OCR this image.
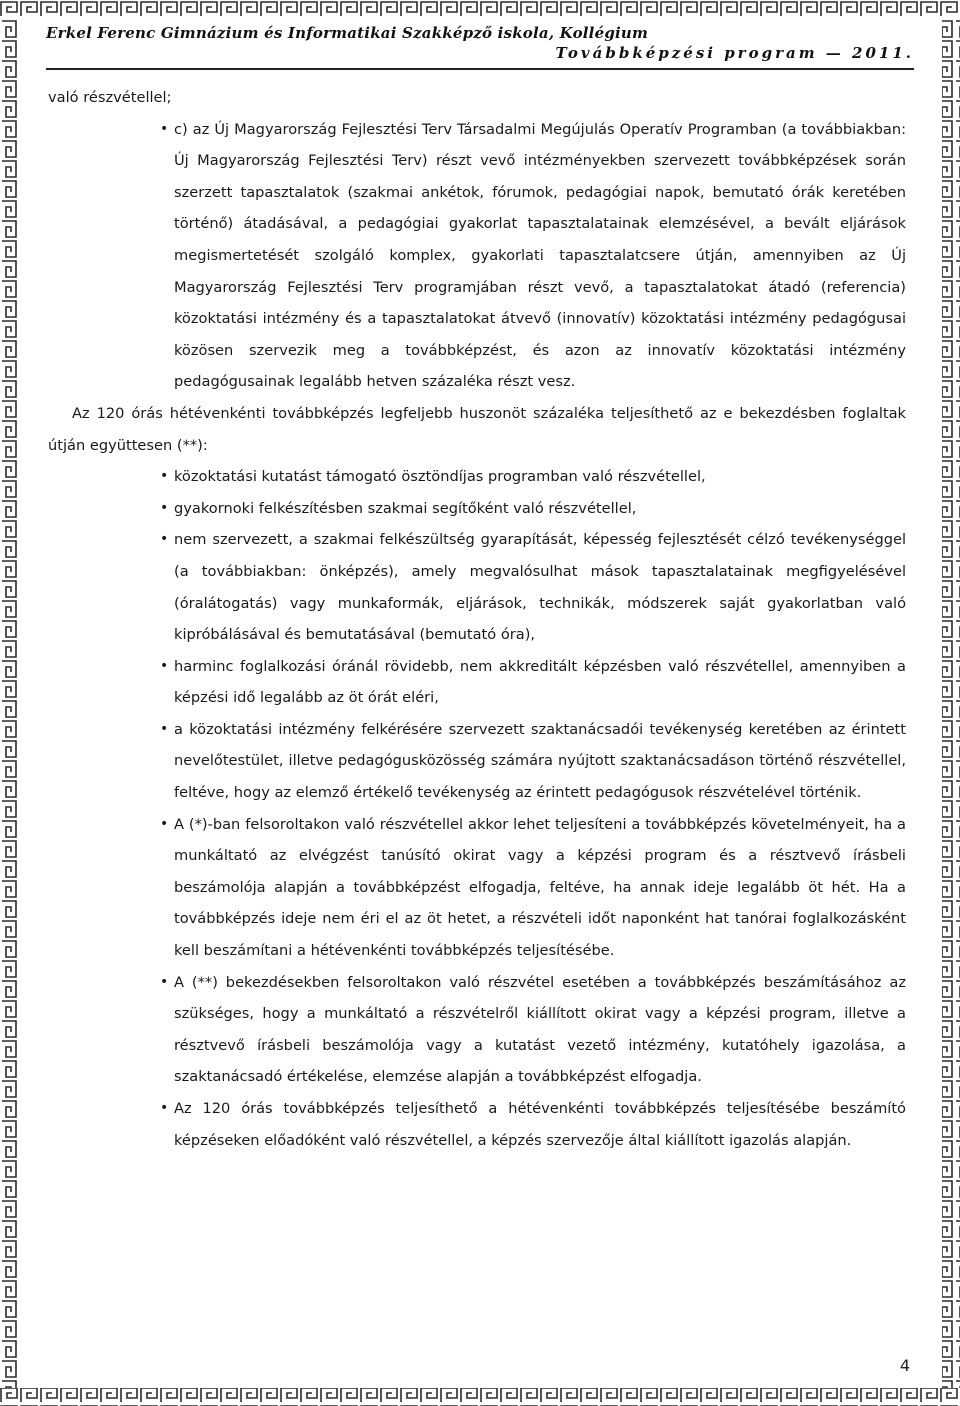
Erkel Ferenc Gimnázium és Informatikai Szakképző iskola, Kollégium
Továbbképzési program — 2011.

való részvétellel;

• c) az Új Magyarország Fejlesztési Terv Társadalmi Megújulás Operatív Programban (a továbbiakban: Új Magyarország Fejlesztési Terv) részt vevő intézményekben szervezett továbbképzések során szerzett tapasztalatok (szakmai ankétok, fórumok, pedagógiai napok, bemutató órák keretében történő) átadásával, a pedagógiai gyakorlat tapasztalatainak elemzésével, a bevált eljárások megismertetését szolgáló komplex, gyakorlati tapasztalatcsere útján, amennyiben az Új Magyarország Fejlesztési Terv programjában részt vevő, a tapasztalatokat átadó (referencia) közoktatási intézmény és a tapasztalatokat átvevő (innovatív) közoktatási intézmény pedagógusai közösen szervezik meg a továbbképzést, és azon az innovatív közoktatási intézmény pedagógusainak legalább hetven százaléka részt vesz.

Az 120 órás hétévenkénti továbbképzés legfeljebb huszonöt százaléka teljesíthető az e bekezdésben foglaltak útján együttesen (**):

• közoktatási kutatást támogató ösztöndíjas programban való részvétellel,
• gyakornoki felkészítésben szakmai segítőként való részvétellel,
• nem szervezett, a szakmai felkészültség gyarapítását, képesség fejlesztését célzó tevékenységgel (a továbbiakban: önképzés), amely megvalósulhat mások tapasztalatainak megfigyelésével (óralátogatás) vagy munkaformák, eljárások, technikák, módszerek saját gyakorlatban való kipróbálásával és bemutatásával (bemutató óra),
• harminc foglalkozási óránál rövidebb, nem akkreditált képzésben való részvétellel, amennyiben a képzési idő legalább az öt órát eléri,
• a közoktatási intézmény felkérésére szervezett szaktanácsadói tevékenység keretében az érintett nevelőtestület, illetve pedagógusközösség számára nyújtott szaktanácsadáson történő részvétellel, feltéve, hogy az elemző értékelő tevékenység az érintett pedagógusok részvételével történik.
• A (*)-ban felsoroltakon való részvétellel akkor lehet teljesíteni a továbbképzés követelményeit, ha a munkáltató az elvégzést tanúsító okirat vagy a képzési program és a résztvevő írásbeli beszámolója alapján a továbbképzést elfogadja, feltéve, ha annak ideje legalább öt hét. Ha a továbbképzés ideje nem éri el az öt hetet, a részvételi időt naponként hat tanórai foglalkozásként kell beszámítani a hétévenkénti továbbképzés teljesítésébe.
• A (**) bekezdésekben felsoroltakon való részvétel esetében a továbbképzés beszámításához az szükséges, hogy a munkáltató a részvételről kiállított okirat vagy a képzési program, illetve a résztvevő írásbeli beszámolója vagy a kutatást vezető intézmény, kutatóhely igazolása, a szaktanácsadó értékelése, elemzése alapján a továbbképzést elfogadja.
• Az 120 órás továbbképzés teljesíthető a hétévenkénti továbbképzés teljesítésébe beszámító képzéseken előadóként való részvétellel, a képzés szervezője által kiállított igazolás alapján.
4
